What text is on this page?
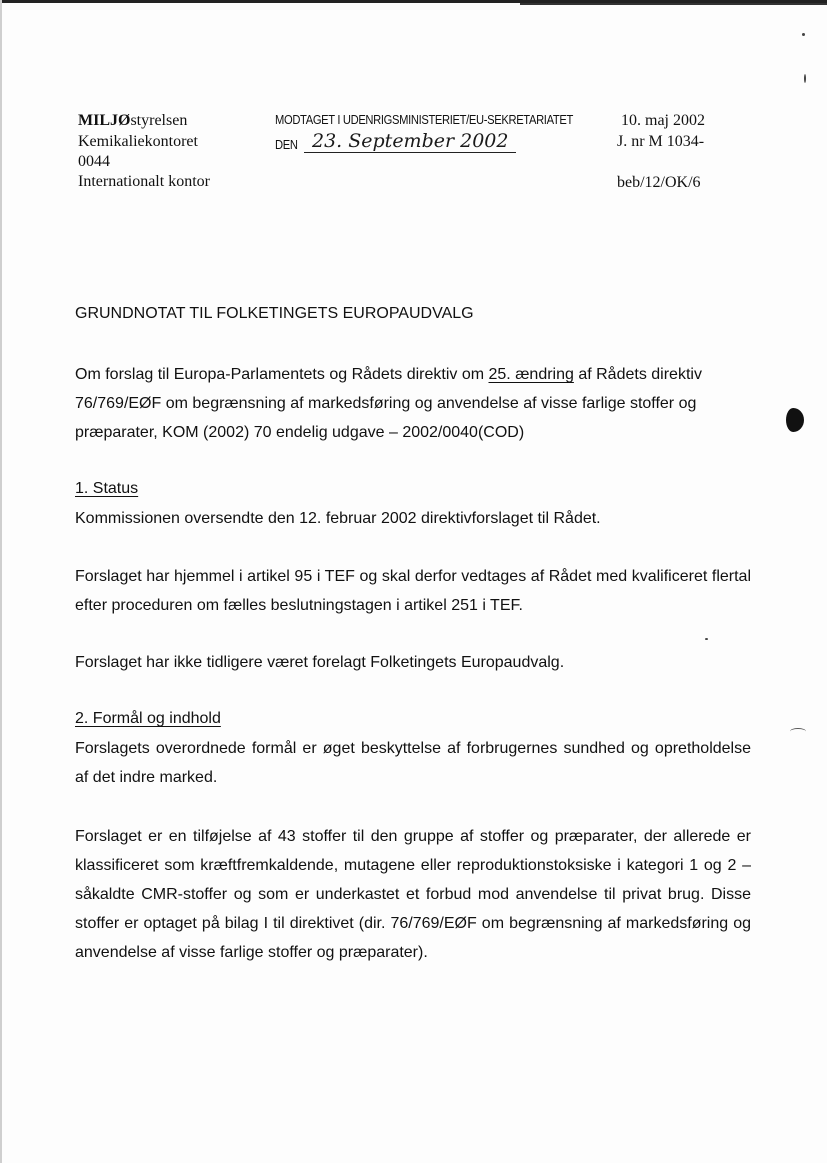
MILJØstyrelsen
Kemikaliekontoret
0044
Internationalt kontor
MODTAGET I UDENRIGSMINISTERIET/EU-SEKRETARIATET
DEN 23. September 2002
10. maj 2002
J. nr M 1034-
beb/12/OK/6
GRUNDNOTAT TIL FOLKETINGETS EUROPAUDVALG
Om forslag til Europa-Parlamentets og Rådets direktiv om 25. ændring af Rådets direktiv 76/769/EØF om begrænsning af markedsføring og anvendelse af visse farlige stoffer og præparater, KOM (2002) 70 endelig udgave – 2002/0040(COD)
1. Status
Kommissionen oversendte den 12. februar 2002 direktivforslaget til Rådet.
Forslaget har hjemmel i artikel 95 i TEF og skal derfor vedtages af Rådet med kvalificeret flertal efter proceduren om fælles beslutningstagen i artikel 251 i TEF.
Forslaget har ikke tidligere været forelagt Folketingets Europaudvalg.
2. Formål og indhold
Forslagets overordnede formål er øget beskyttelse af forbrugernes sundhed og opretholdelse af det indre marked.
Forslaget er en tilføjelse af 43 stoffer til den gruppe af stoffer og præparater, der allerede er klassificeret som kræftfremkaldende, mutagene eller reproduktionstoksiske i kategori 1 og 2 – såkaldte CMR-stoffer og som er underkastet et forbud mod anvendelse til privat brug. Disse stoffer er optaget på bilag I til direktivet (dir. 76/769/EØF om begrænsning af markedsføring og anvendelse af visse farlige stoffer og præparater).
